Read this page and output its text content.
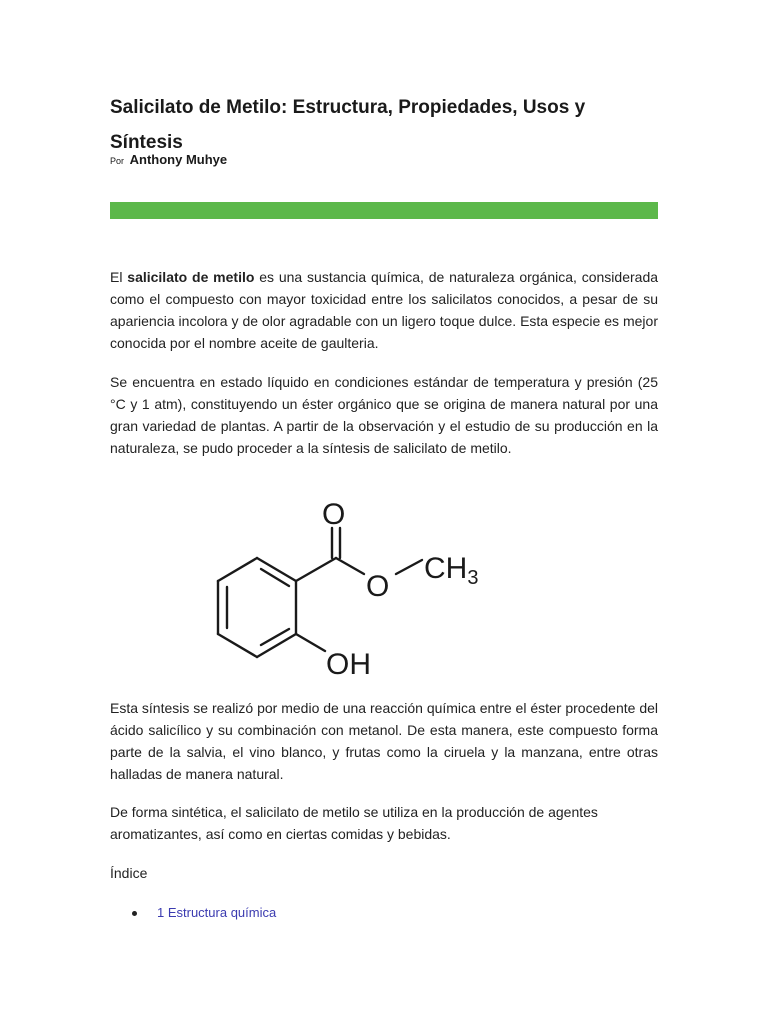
Salicilato de Metilo: Estructura, Propiedades, Usos y Síntesis
Por Anthony Muhye

El salicilato de metilo es una sustancia química, de naturaleza orgánica, considerada como el compuesto con mayor toxicidad entre los salicilatos conocidos, a pesar de su apariencia incolora y de olor agradable con un ligero toque dulce. Esta especie es mejor conocida por el nombre aceite de gaulteria.

Se encuentra en estado líquido en condiciones estándar de temperatura y presión (25 °C y 1 atm), constituyendo un éster orgánico que se origina de manera natural por una gran variedad de plantas. A partir de la observación y el estudio de su producción en la naturaleza, se pudo proceder a la síntesis de salicilato de metilo.

O
O
$CH_3$
OH

Esta síntesis se realizó por medio de una reacción química entre el éster procedente del ácido salicílico y su combinación con metanol. De esta manera, este compuesto forma parte de la salvia, el vino blanco, y frutas como la ciruela y la manzana, entre otras halladas de manera natural.

De forma sintética, el salicilato de metilo se utiliza en la producción de agentes aromatizantes, así como en ciertas comidas y bebidas.

Índice
1 Estructura química
